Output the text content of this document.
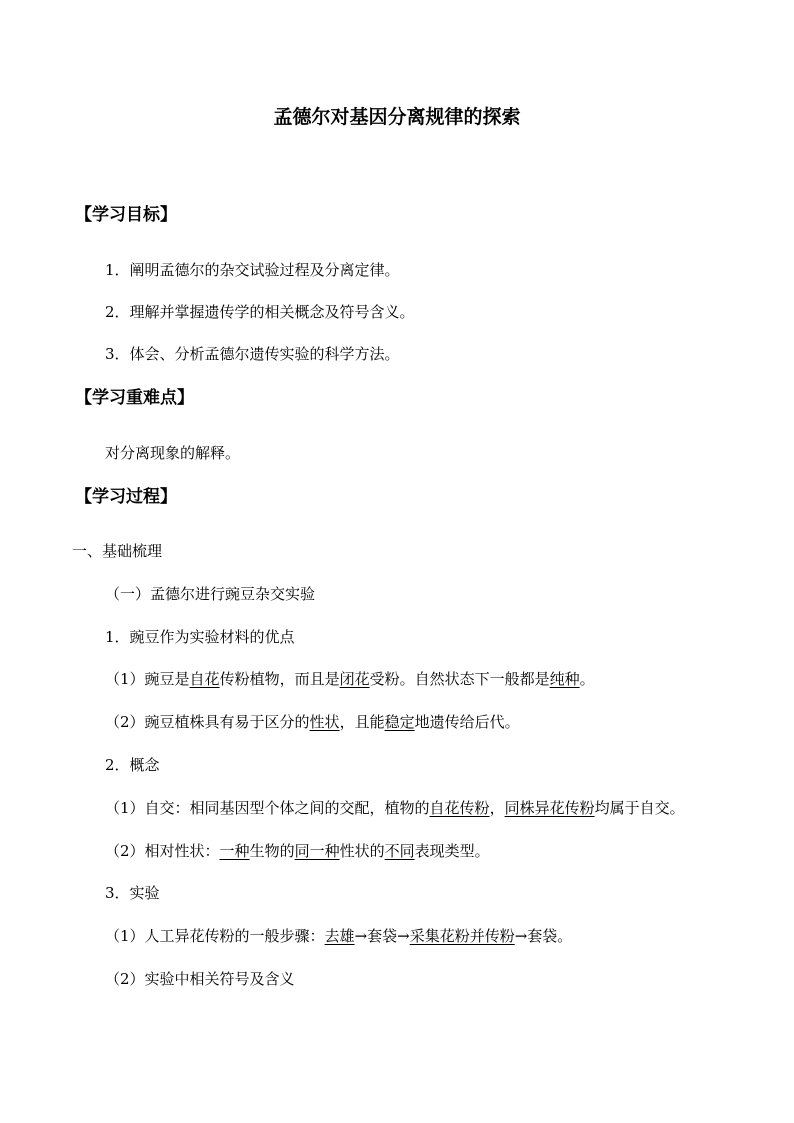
孟德尔对基因分离规律的探索
【学习目标】
1．阐明孟德尔的杂交试验过程及分离定律。
2．理解并掌握遗传学的相关概念及符号含义。
3．体会、分析孟德尔遗传实验的科学方法。
【学习重难点】
对分离现象的解释。
【学习过程】
一、基础梳理
（一）孟德尔进行豌豆杂交实验
1．豌豆作为实验材料的优点
（1）豌豆是自花传粉植物，而且是闭花受粉。自然状态下一般都是纯种。
（2）豌豆植株具有易于区分的性状，且能稳定地遗传给后代。
2．概念
（1）自交：相同基因型个体之间的交配，植物的自花传粉，同株异花传粉均属于自交。
（2）相对性状：一种生物的同一种性状的不同表现类型。
3．实验
（1）人工异花传粉的一般步骤：去雄→套袋→采集花粉并传粉→套袋。
（2）实验中相关符号及含义
